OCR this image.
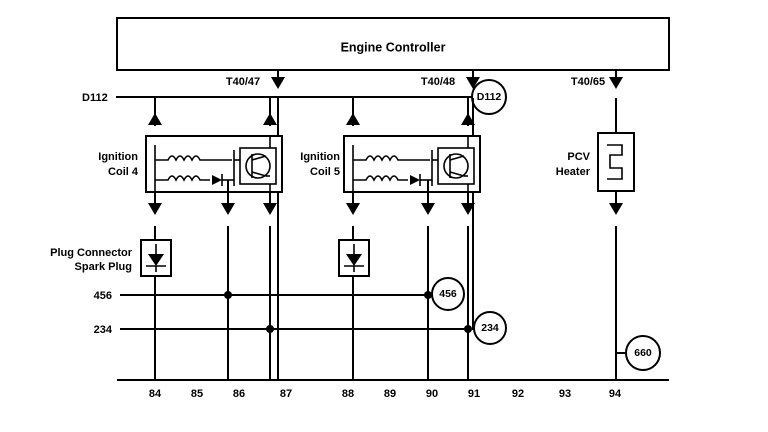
Engine Controller
T40/47	T40/48	T40/65
D112	D112
Ignition
Coil 4
Ignition
Coil 5
PCV
Heater
Plug Connector
Spark Plug
456	456
234	234
660
84	85	86	87	88	89	90	91	92	93	94
